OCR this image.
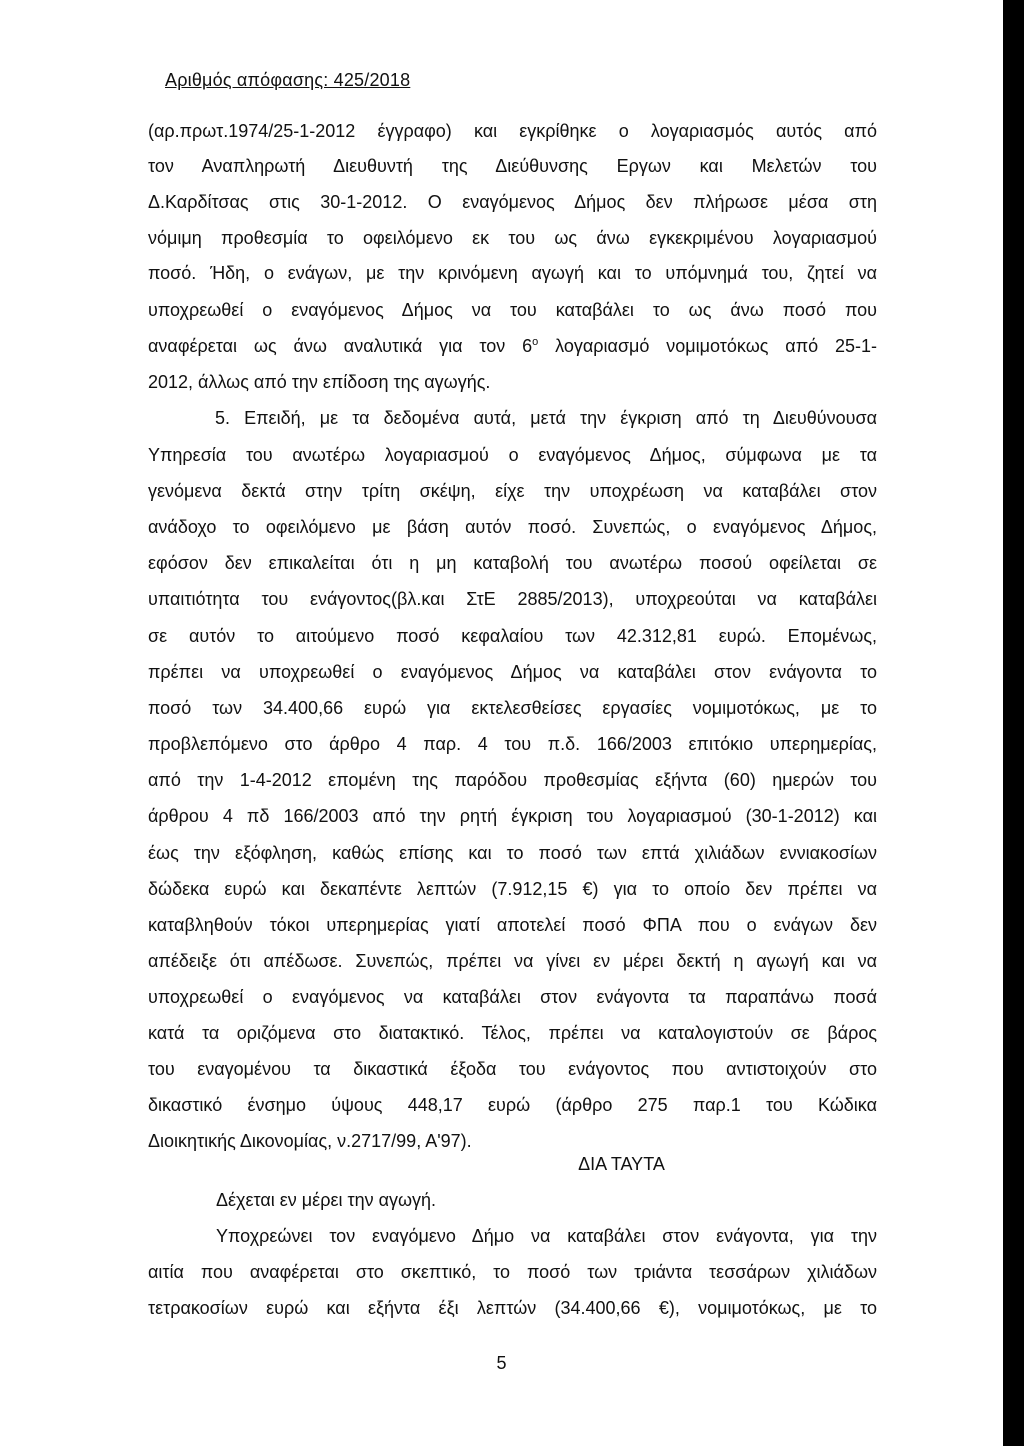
Αριθμός απόφασης: 425/2018
(αρ.πρωτ.1974/25-1-2012 έγγραφο) και εγκρίθηκε ο λογαριασμός αυτός από
τον Αναπληρωτή Διευθυντή της Διεύθυνσης Εργων και Μελετών του
Δ.Καρδίτσας στις 30-1-2012. Ο εναγόμενος Δήμος δεν πλήρωσε μέσα στη
νόμιμη προθεσμία το οφειλόμενο εκ του ως άνω εγκεκριμένου λογαριασμού
ποσό. Ήδη, ο ενάγων, με την κρινόμενη αγωγή και το υπόμνημά του, ζητεί να
υποχρεωθεί ο εναγόμενος Δήμος να του καταβάλει το ως άνω ποσό που
αναφέρεται ως άνω αναλυτικά για τον $6^o$ λογαριασμό νομιμοτόκως από 25-1-
2012, άλλως από την επίδοση της αγωγής.
5. Επειδή, με τα δεδομένα αυτά, μετά την έγκριση από τη Διευθύνουσα
Υπηρεσία του ανωτέρω λογαριασμού ο εναγόμενος Δήμος, σύμφωνα με τα
γενόμενα δεκτά στην τρίτη σκέψη, είχε την υποχρέωση να καταβάλει στον
ανάδοχο το οφειλόμενο με βάση αυτόν ποσό. Συνεπώς, ο εναγόμενος Δήμος,
εφόσον δεν επικαλείται ότι η μη καταβολή του ανωτέρω ποσού οφείλεται σε
υπαιτιότητα του ενάγοντος(βλ.και ΣτΕ 2885/2013), υποχρεούται να καταβάλει
σε αυτόν το αιτούμενο ποσό κεφαλαίου των 42.312,81 ευρώ. Επομένως,
πρέπει να υποχρεωθεί ο εναγόμενος Δήμος να καταβάλει στον ενάγοντα το
ποσό των 34.400,66 ευρώ για εκτελεσθείσες εργασίες νομιμοτόκως, με το
προβλεπόμενο στο άρθρο 4 παρ. 4 του π.δ. 166/2003 επιτόκιο υπερημερίας,
από την 1-4-2012 επομένη της παρόδου προθεσμίας εξήντα (60) ημερών του
άρθρου 4 πδ 166/2003 από την ρητή έγκριση του λογαριασμού (30-1-2012) και
έως την εξόφληση, καθώς επίσης και το ποσό των επτά χιλιάδων εννιακοσίων
δώδεκα ευρώ και δεκαπέντε λεπτών (7.912,15 €) για το οποίο δεν πρέπει να
καταβληθούν τόκοι υπερημερίας γιατί αποτελεί ποσό ΦΠΑ που ο ενάγων δεν
απέδειξε ότι απέδωσε. Συνεπώς, πρέπει να γίνει εν μέρει δεκτή η αγωγή και να
υποχρεωθεί ο εναγόμενος να καταβάλει στον ενάγοντα τα παραπάνω ποσά
κατά τα οριζόμενα στο διατακτικό. Τέλος, πρέπει να καταλογιστούν σε βάρος
του εναγομένου τα δικαστικά έξοδα του ενάγοντος που αντιστοιχούν στο
δικαστικό ένσημο ύψους 448,17 ευρώ (άρθρο 275 παρ.1 του Κώδικα
Διοικητικής Δικονομίας, ν.2717/99, Α'97).
ΔΙΑ ΤΑΥΤΑ
Δέχεται εν μέρει την αγωγή.
Υποχρεώνει τον εναγόμενο Δήμο να καταβάλει στον ενάγοντα, για την
αιτία που αναφέρεται στο σκεπτικό, το ποσό των τριάντα τεσσάρων χιλιάδων
τετρακοσίων ευρώ και εξήντα έξι λεπτών (34.400,66 €), νομιμοτόκως, με το
5
